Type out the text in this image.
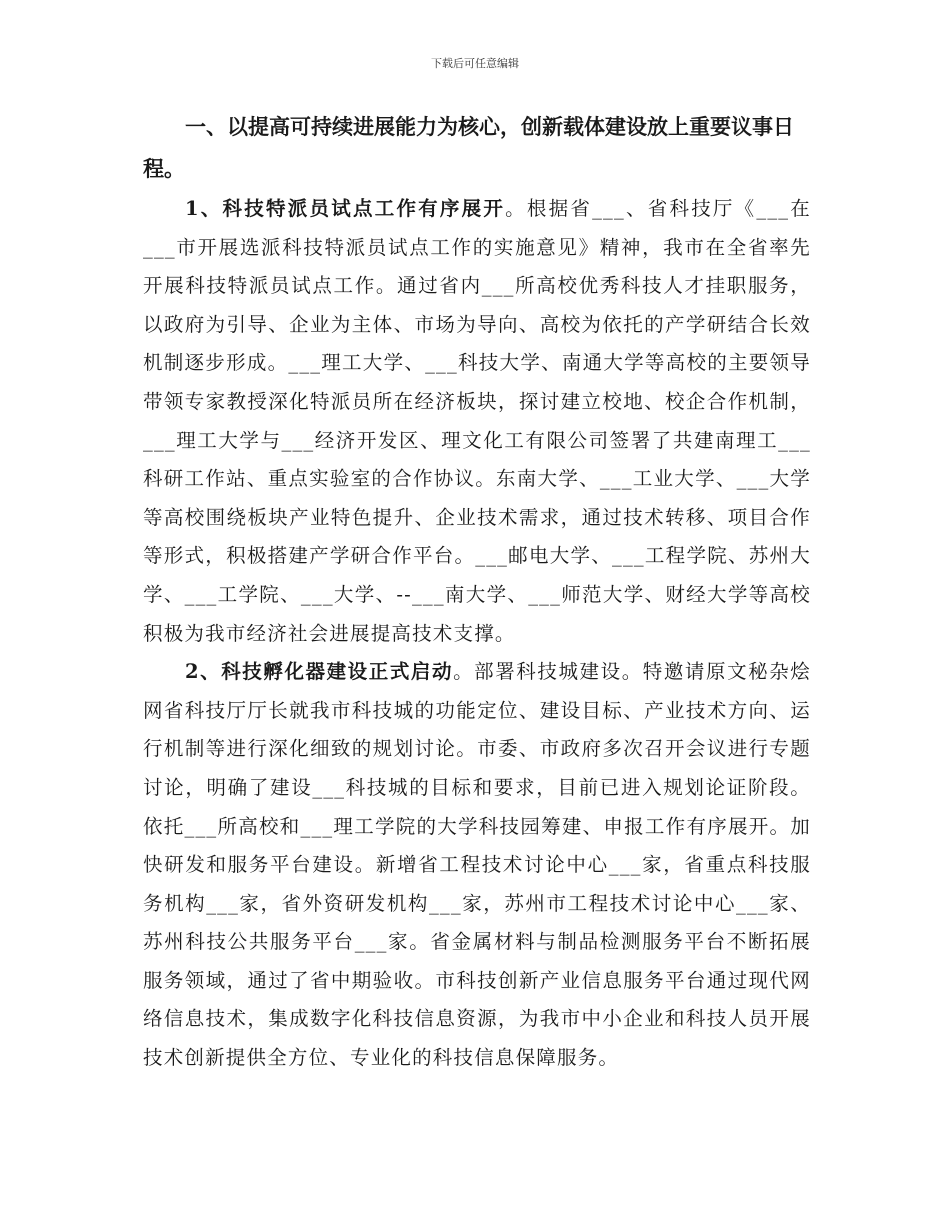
下载后可任意编辑

一、以提高可持续进展能力为核心，创新载体建设放上重要议事日程。

1、科技特派员试点工作有序展开。根据省___、省科技厅《___在___市开展选派科技特派员试点工作的实施意见》精神，我市在全省率先开展科技特派员试点工作。通过省内___所高校优秀科技人才挂职服务，以政府为引导、企业为主体、市场为导向、高校为依托的产学研结合长效机制逐步形成。___理工大学、___科技大学、南通大学等高校的主要领导带领专家教授深化特派员所在经济板块，探讨建立校地、校企合作机制，___理工大学与___经济开发区、理文化工有限公司签署了共建南理工___科研工作站、重点实验室的合作协议。东南大学、___工业大学、___大学等高校围绕板块产业特色提升、企业技术需求，通过技术转移、项目合作等形式，积极搭建产学研合作平台。___邮电大学、___工程学院、苏州大学、___工学院、___大学、--___南大学、___师范大学、财经大学等高校积极为我市经济社会进展提高技术支撑。

2、科技孵化器建设正式启动。部署科技城建设。特邀请原文秘杂烩网省科技厅厅长就我市科技城的功能定位、建设目标、产业技术方向、运行机制等进行深化细致的规划讨论。市委、市政府多次召开会议进行专题讨论，明确了建设___科技城的目标和要求，目前已进入规划论证阶段。依托___所高校和___理工学院的大学科技园筹建、申报工作有序展开。加快研发和服务平台建设。新增省工程技术讨论中心___家，省重点科技服务机构___家，省外资研发机构___家，苏州市工程技术讨论中心___家、苏州科技公共服务平台___家。省金属材料与制品检测服务平台不断拓展服务领域，通过了省中期验收。市科技创新产业信息服务平台通过现代网络信息技术，集成数字化科技信息资源，为我市中小企业和科技人员开展技术创新提供全方位、专业化的科技信息保障服务。
